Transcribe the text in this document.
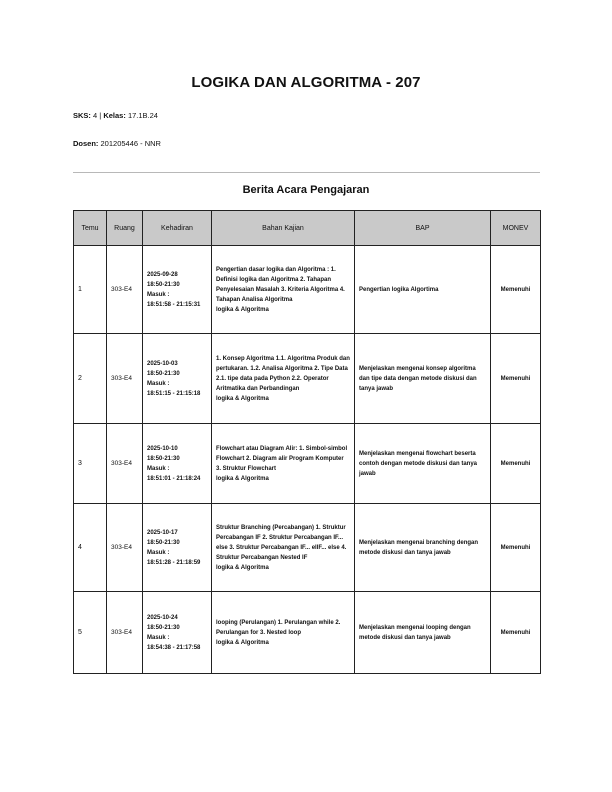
LOGIKA DAN ALGORITMA - 207
SKS: 4 | Kelas: 17.1B.24
Dosen: 201205446 - NNR
Berita Acara Pengajaran
Temu	Ruang	Kehadiran	Bahan Kajian	BAP	MONEV
1	303-E4	2025-09-28
18:50-21:30
Masuk :
18:51:58 - 21:15:31	Pengertian dasar logika dan Algoritma : 1. Definisi logika dan Algoritma 2. Tahapan Penyelesaian Masalah 3. Kriteria Algoritma 4. Tahapan Analisa Algoritma
logika & Algoritma	Pengertian logika Algortima	Memenuhi
2	303-E4	2025-10-03
18:50-21:30
Masuk :
18:51:15 - 21:15:18	1. Konsep Algoritma 1.1. Algoritma Produk dan pertukaran. 1.2. Analisa Algoritma 2. Tipe Data 2.1. tipe data pada Python 2.2. Operator Aritmatika dan Perbandingan
logika & Algoritma	Menjelaskan mengenai konsep algoritma dan tipe data dengan metode diskusi dan tanya jawab	Memenuhi
3	303-E4	2025-10-10
18:50-21:30
Masuk :
18:51:01 - 21:18:24	Flowchart atau Diagram Alir: 1. Simbol-simbol Flowchart 2. Diagram alir Program Komputer 3. Struktur Flowchart
logika & Algoritma	Menjelaskan mengenai flowchart beserta contoh dengan metode diskusi dan tanya jawab	Memenuhi
4	303-E4	2025-10-17
18:50-21:30
Masuk :
18:51:28 - 21:18:59	Struktur Branching (Percabangan) 1. Struktur Percabangan IF 2. Struktur Percabangan IF... else 3. Struktur Percabangan IF... elIF... else 4. Struktur Percabangan Nested IF
logika & Algoritma	Menjelaskan mengenai branching dengan metode diskusi dan tanya jawab	Memenuhi
5	303-E4	2025-10-24
18:50-21:30
Masuk :
18:54:38 - 21:17:58	looping (Perulangan) 1. Perulangan while 2. Perulangan for 3. Nested loop
logika & Algoritma	Menjelaskan mengenai looping dengan metode diskusi dan tanya jawab	Memenuhi
